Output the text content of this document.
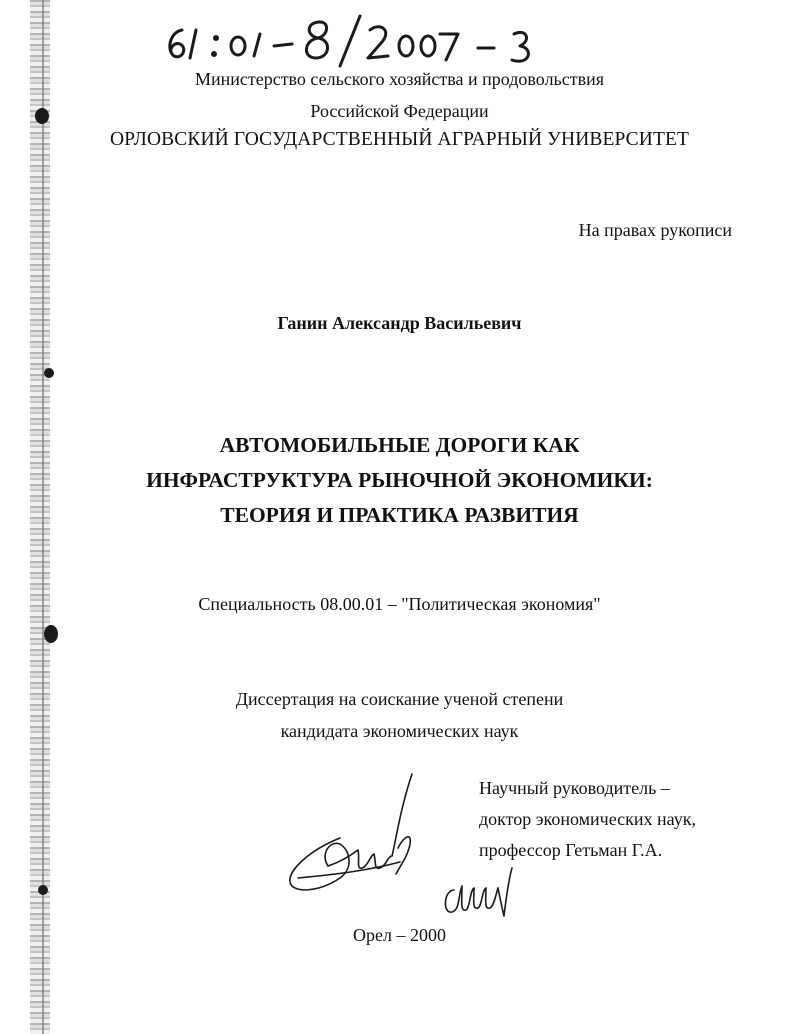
Министерство сельского хозяйства и продовольствия
Российской Федерации
ОРЛОВСКИЙ ГОСУДАРСТВЕННЫЙ АГРАРНЫЙ УНИВЕРСИТЕТ
На правах рукописи
Ганин Александр Васильевич
АВТОМОБИЛЬНЫЕ ДОРОГИ КАК
ИНФРАСТРУКТУРА РЫНОЧНОЙ ЭКОНОМИКИ:
ТЕОРИЯ И ПРАКТИКА РАЗВИТИЯ
Специальность 08.00.01 – "Политическая экономия"
Диссертация на соискание ученой степени
кандидата экономических наук
Научный руководитель –
доктор экономических наук,
профессор Гетьман Г.А.
Орел – 2000
